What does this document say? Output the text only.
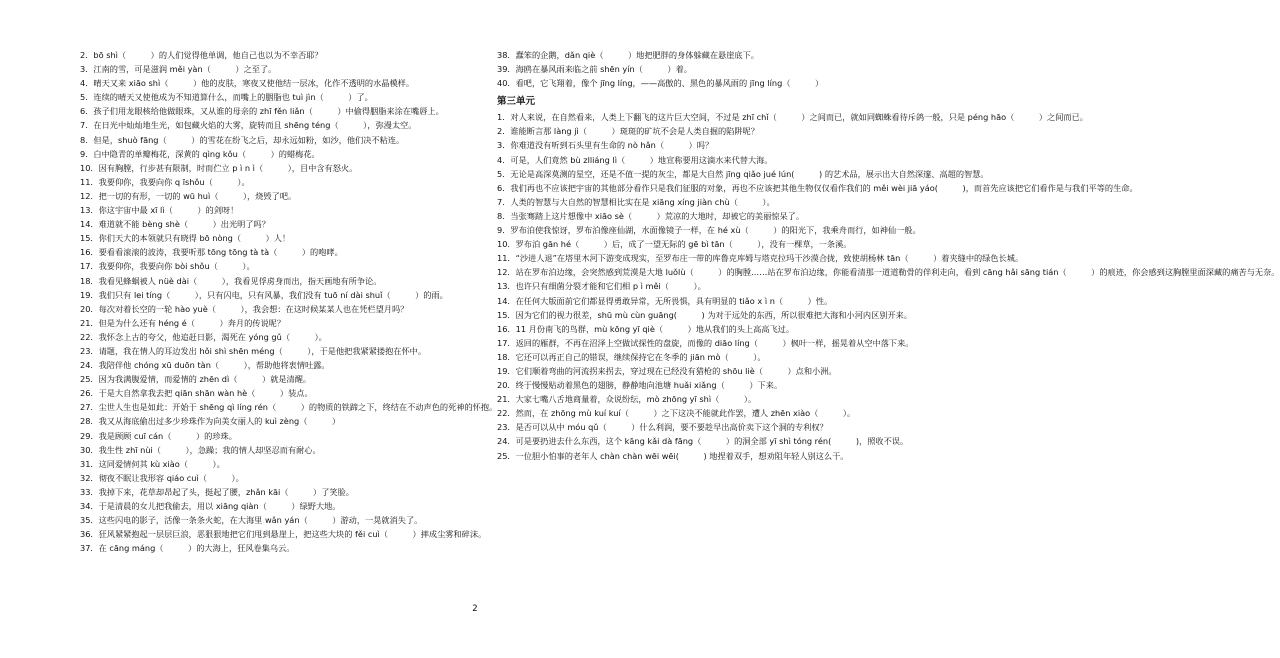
2．bō shì（　　　）的人们觉得他单调，他自己也以为不幸否耶？
3．江南的雪，可是滋润 měi yàn（　　　）之至了。
4．晴天又来 xiāo shì（　　　）他的皮肤，寒夜又使他结一层冰，化作不透明的水晶模样。
5．连续的晴天又使他成为不知道算什么，而嘴上的胭脂也 tuì jìn（　　　）了。
6．孩子们用龙眼核给他做眼珠，又从谁的母亲的 zhī fěn liǎn（　　　）中偷得胭脂来涂在嘴唇上。
7．在日光中灿灿地生光，如包藏火焰的大雾，旋转而且 shēng téng（　　　），弥漫太空。
8．但是，shuò fāng（　　　）的雪花在纷飞之后，却永远如粉，如沙，他们决不粘连。
9．白中隐青的单瓣梅花，深黄的 qìng kǒu（　　　）的蜡梅花。
10．因有胸膛，行步甚有限制，时而伫立 p ì n ì（　　　），目中含有怒火。
11．我要仰你，我要向你 q īshǒu（　　　）。
12．把一切的有形，一切的 wū huì（　　　），烧毁了吧。
13．你这宇宙中最 xī lì（　　　）的剑呀！
14．难道就不能 bèng shè（　　　）出光明了吗？
15．你们天大的本领就只有晓得 bō nòng（　　　）人！
16．要看看滚滚的波涛，我要听那 tōng tōng tà tà（　　　）的咆哮。
17．我要仰你，我要向你 bòi shǒu（　　　）。
18．我看见蜂蜗被人 nüè dài（　　　），我看见俘虏身而出，指天画地有所争论。
19．我们只有 lei tíng（　　　），只有闪电，只有风暴，我们没有 tuō ní dài shuǐ（　　　）的雨。
20．每次对着长空的一轮 hào yuè（　　　），我会想：在这时候某某人也在凭栏望月吗？
21．但是为什么还有 héng é（　　　）奔月的传说呢？
22．我怀念上古的夸父，他追赶日影，渴死在 yóng gǔ（　　　）。
23．请题，我在情人的耳边发出 hǒi shì shēn méng（　　　），于是他把我紧紧搂抱在怀中。
24．我陪伴他 chóng xū duōn tàn（　　　），帮助他将衷情吐露。
25．因为我满腹爱情，而爱情的 zhēn dì（　　　）就是清醒。
26．于是大自然拿我去把 qiān shān wàn hè（　　　）装点。
27．尘世人生也是如此：开始于 shēng qì líng rén（　　　）的物质的铁蹄之下，终结在不动声色的死神的怀抱。
28．我又从海底偷出过多少珍珠作为向美女丽人的 kuì zèng（　　　）
29．我是顾顾 cuī cán（　　　）的珍珠。
30．我生性 zhī nùi（　　　），急躁；我的情人却坚忍而有耐心。
31．这同爱情何其 kù xiào（　　　）。
32．彻夜不眠让我形容 qiáo cuì（　　　）。
33．我掉下来，花草却昂起了头，挺起了腰，zhǎn kāi（　　　）了笑脸。
34．于是清晨的女儿把我偷去，用以 xiāng qiàn（　　　）绿野大地。
35．这些闪电的影子，活像一条条火蛇，在大海里 wǎn yán（　　　）游动，一晃就消失了。
36．狂风紧紧抱起一层层巨浪，恶狠狠地把它们甩到悬崖上，把这些大块的 fěi cuì（　　　）摔成尘雾和碎沫。
37．在 cāng máng（　　　）的大海上，狂风卷集乌云。
38．蠢笨的企鹅，dǎn qiè（　　　）地把肥胖的身体躲藏在悬崖底下。
39．海鸥在暴风雨来临之前 shēn yín（　　　）着。
40．看吧，它飞翔着，像个 jīng líng，——高傲的、黑色的暴风雨的 jīng líng（　　　）
第三单元
1．对人来说，在自然看来，人类上下翻飞的这片巨大空间，不过是 zhī chǐ（　　　）之间而已，就如同蜘蛛看待斥鸽一般，只是 péng hāo（　　　）之间而已。
2．谁能断言那 làng jì（　　　）斑斑的矿坑不会是人类自掘的陷阱呢？
3．你难道没有听到石头里有生命的 nò hǎn（　　　）吗？
4．可是，人们竟然 bù zlliáng lì（　　　）地宣称要用这滴水来代替大海。
5．无论是高深莫测的星空，还是不值一提的灰尘，都是大自然 jīng qiǎo jué lún(　　　) 的艺术品，展示出大自然深邃、高超的智慧。
6．我们再也不应该把宇宙的其他部分看作只是我们征服的对象，再也不应该把其他生物仅仅看作我们的 měi wèi jiā yáo(　　　)，而首先应该把它们看作是与我们平等的生命。
7．人类的智慧与大自然的智慧相比实在是 xiāng xíng jiàn chù（　　　）。
8．当张骞踏上这片想像中 xiāo sè（　　　）荒凉的大地时，却被它的美丽惊呆了。
9．罗布泊使我惊讶，罗布泊像座仙湖，水面像镜子一样，在 hé xù（　　　）的阳光下，我乘舟而行，如神仙一般。
10．罗布泊 gān hé（　　　）后，成了一望无际的 gē bì tān（　　　），没有一棵草，一条溪。
11．“沙进人退”在塔里木河下游变成现实，至罗布庄一带的库鲁克库姆与塔克拉玛干沙漠合拢，致使胡杨林 tān（　　　）着夹缝中的绿色长城。
12．站在罗布泊边缘，会突然感到荒漠是大地 luǒlù（　　　）的胸膛……站在罗布泊边缘，你能看清那一道道勒骨的伴利走向，看到 cāng hǎi sāng tián（　　　）的痕迹，你会感到这胸膛里面深藏的痛苦与无奈。
13．也许只有细菌分裂才能和它们相 p ì měi（　　　）。
14．在任何大版面前它们都显得勇敢异常，无所畏惧，具有明显的 tiǎo x ì n（　　　）性。
15．因为它们的视力很差，shū mù cùn guāng(　　　) 为对于远处的东西，所以很难把大海和小河内区别开来。
16．11 月份南飞的鸟群，mù kōng yī qiè（　　　）地从我们的头上高高飞过。
17．返回的雁群，不再在沼泽上空做试探性的盘旋，而像的 diāo líng（　　　）枫叶一样，摇晃着从空中落下来。
18．它还可以再正自己的错误，继续保持它在冬季的 jiān mò（　　　）。
19．它们顺着弯曲的河流拐来拐去，穿过现在已经没有猎枪的 shōu liè（　　　）点和小洲。
20．终于慢慢贴动着黑色的翅膀，静静地向池塘 huǎi xiǎng（　　　）下来。
21．大家七嘴八舌地商量着，众说纷纭，mò zhōng yī shì（　　　）。
22．然而，在 zhōng mù kuí kuí（　　　）之下这决不能就此作罢，遭人 zhēn xiào（　　　）。
23．是否可以从中 móu qǔ（　　　）什么利润，要不要趁早出高价卖下这个洞的专利权？
24．可是要扔进去什么东西，这个 kāng kǎi dà fāng（　　　）的洞全部 yī shì tóng rén(　　　)，照收不误。
25．一位胆小怕事的老年人 chàn chàn wēi wēi(　　　) 地捏着双手，想劝阻年轻人别这么干。
2
